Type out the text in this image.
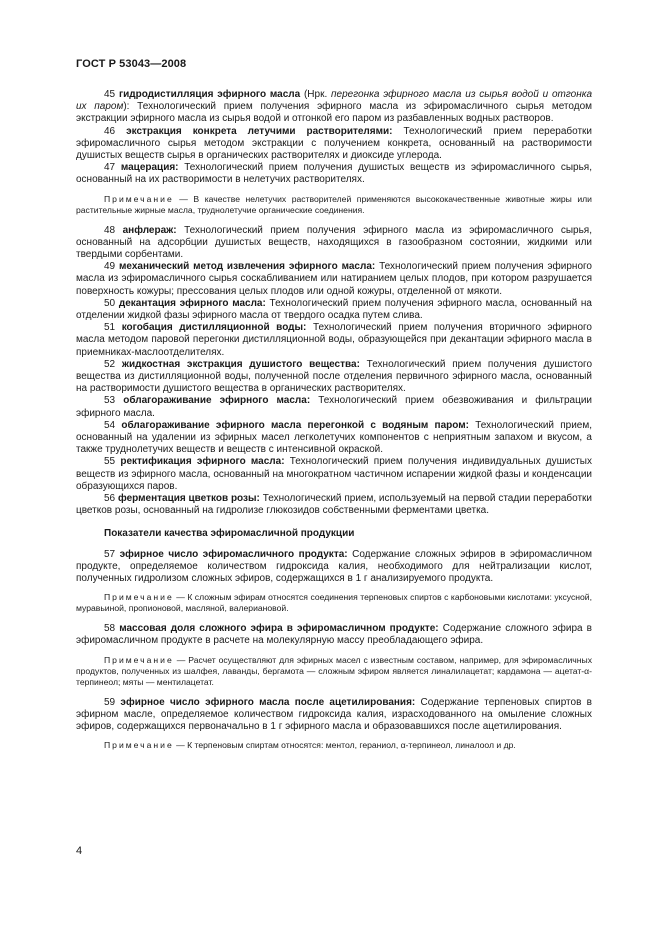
ГОСТ Р 53043—2008

45 гидродистилляция эфирного масла (Нрк. перегонка эфирного масла из сырья водой и отгонка их паром): Технологический прием получения эфирного масла из эфиромасличного сырья методом экстракции эфирного масла из сырья водой и отгонкой его паром из разбавленных водных растворов.

46 экстракция конкрета летучими растворителями: Технологический прием переработки эфиромасличного сырья методом экстракции с получением конкрета, основанный на растворимости душистых веществ сырья в органических растворителях и диоксиде углерода.

47 мацерация: Технологический прием получения душистых веществ из эфиромасличного сырья, основанный на их растворимости в нелетучих растворителях.

Примечание — В качестве нелетучих растворителей применяются высококачественные животные жиры или растительные жирные масла, труднолетучие органические соединения.

48 анфлераж: Технологический прием получения эфирного масла из эфиромасличного сырья, основанный на адсорбции душистых веществ, находящихся в газообразном состоянии, жидкими или твердыми сорбентами.

49 механический метод извлечения эфирного масла: Технологический прием получения эфирного масла из эфиромасличного сырья соскабливанием или натиранием целых плодов, при котором разрушается поверхность кожуры; прессования целых плодов или одной кожуры, отделенной от мякоти.

50 декантация эфирного масла: Технологический прием получения эфирного масла, основанный на отделении жидкой фазы эфирного масла от твердого осадка путем слива.

51 когобация дистилляционной воды: Технологический прием получения вторичного эфирного масла методом паровой перегонки дистилляционной воды, образующейся при декантации эфирного масла в приемниках-маслоотделителях.

52 жидкостная экстракция душистого вещества: Технологический прием получения душистого вещества из дистилляционной воды, полученной после отделения первичного эфирного масла, основанный на растворимости душистого вещества в органических растворителях.

53 облагораживание эфирного масла: Технологический прием обезвоживания и фильтрации эфирного масла.

54 облагораживание эфирного масла перегонкой с водяным паром: Технологический прием, основанный на удалении из эфирных масел легколетучих компонентов с неприятным запахом и вкусом, а также труднолетучих веществ и веществ с интенсивной окраской.

55 ректификация эфирного масла: Технологический прием получения индивидуальных душистых веществ из эфирного масла, основанный на многократном частичном испарении жидкой фазы и конденсации образующихся паров.

56 ферментация цветков розы: Технологический прием, используемый на первой стадии переработки цветков розы, основанный на гидролизе глюкозидов собственными ферментами цветка.

Показатели качества эфиромасличной продукции

57 эфирное число эфиромасличного продукта: Содержание сложных эфиров в эфиромасличном продукте, определяемое количеством гидроксида калия, необходимого для нейтрализации кислот, полученных гидролизом сложных эфиров, содержащихся в 1 г анализируемого продукта.

Примечание — К сложным эфирам относятся соединения терпеновых спиртов с карбоновыми кислотами: уксусной, муравьиной, пропионовой, масляной, валериановой.

58 массовая доля сложного эфира в эфиромасличном продукте: Содержание сложного эфира в эфиромасличном продукте в расчете на молекулярную массу преобладающего эфира.

Примечание — Расчет осуществляют для эфирных масел с известным составом, например, для эфиромасличных продуктов, полученных из шалфея, лаванды, бергамота — сложным эфиром является линалилацетат; кардамона — ацетат-α-терпинеол; мяты — ментилацетат.

59 эфирное число эфирного масла после ацетилирования: Содержание терпеновых спиртов в эфирном масле, определяемое количеством гидроксида калия, израсходованного на омыление сложных эфиров, содержащихся первоначально в 1 г эфирного масла и образовавшихся после ацетилирования.

Примечание — К терпеновым спиртам относятся: ментол, гераниол, α-терпинеол, линалоол и др.

4
